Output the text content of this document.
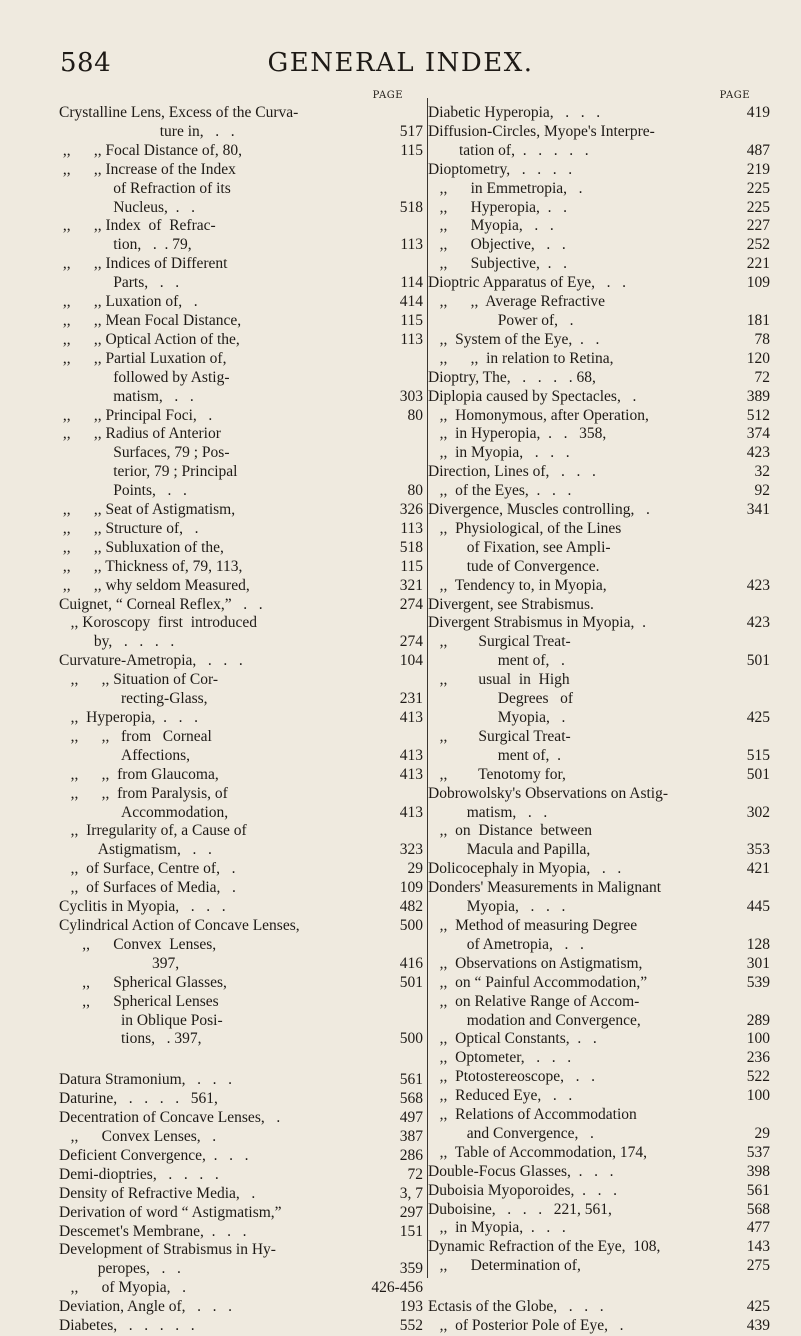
584	GENERAL INDEX.
PAGE
Crystalline Lens, Excess of the Curva-
ture in,   .   .	517
,,      ,, Focal Distance of, 80,	115
,,      ,, Increase of the Index
of Refraction of its
Nucleus,  .   .	518
,,      ,, Index  of  Refrac-
tion,   .  . 79,	113
,,      ,, Indices of Different
Parts,   .   .	114
,,      ,, Luxation of,   .	414
,,      ,, Mean Focal Distance,	115
,,      ,, Optical Action of the,	113
,,      ,, Partial Luxation of,
followed by Astig-
matism,   .   .	303
,,      ,, Principal Foci,   .	80
,,      ,, Radius of Anterior
Surfaces, 79 ; Pos-
terior, 79 ; Principal
Points,   .   .	80
,,      ,, Seat of Astigmatism,	326
,,      ,, Structure of,   .	113
,,      ,, Subluxation of the,	518
,,      ,, Thickness of, 79, 113,	115
,,      ,, why seldom Measured,	321
Cuignet, “ Corneal Reflex,”   .   .	274
,, Koroscopy  first  introduced
by,   .   .   .   .	274
Curvature-Ametropia,   .   .   .	104
,,      ,, Situation of Cor-
recting-Glass,	231
,,  Hyperopia,  .   .   .	413
,,      ,,   from   Corneal
Affections,	413
,,      ,,  from Glaucoma,	413
,,      ,,  from Paralysis, of
Accommodation,	413
,,  Irregularity of, a Cause of
Astigmatism,   .   .	323
,,  of Surface, Centre of,   .	29
,,  of Surfaces of Media,   .	109
Cyclitis in Myopia,   .   .   .	482
Cylindrical Action of Concave Lenses,	500
,,      Convex  Lenses,
397,	416
,,      Spherical Glasses,	501
,,      Spherical Lenses
in Oblique Posi-
tions,   . 397,	500
Datura Stramonium,   .   .   .	561
Daturine,   .   .   .   .   561,	568
Decentration of Concave Lenses,   .	497
,,      Convex Lenses,   .	387
Deficient Convergence,  .   .   .	286
Demi-dioptries,   .   .   .   .	72
Density of Refractive Media,   .	3, 7
Derivation of word “ Astigmatism,”	297
Descemet's Membrane,  .   .   .	151
Development of Strabismus in Hy-
peropes,   .   .	359
,,      of Myopia,   .	426-456
Deviation, Angle of,   .   .   .	193
Diabetes,   .   .   .   .   .	552
PAGE
Diabetic Hyperopia,   .   .   .	419
Diffusion-Circles, Myope's Interpre-
tation of,  .   .   .   .   .	487
Dioptometry,   .   .   .   .	219
,,      in Emmetropia,   .	225
,,      Hyperopia,  .   .	225
,,      Myopia,   .   .	227
,,      Objective,   .   .	252
,,      Subjective,  .   .	221
Dioptric Apparatus of Eye,   .   .	109
,,      ,,  Average Refractive
Power of,   .	181
,,  System of the Eye,  .   .	78
,,      ,,  in relation to Retina,	120
Dioptry, The,   .   .   .   . 68,	72
Diplopia caused by Spectacles,   .	389
,,  Homonymous, after Operation,	512
,,  in Hyperopia,  .   .   358,	374
,,  in Myopia,   .   .   .	423
Direction, Lines of,   .   .   .	32
,,  of the Eyes,  .   .   .	92
Divergence, Muscles controlling,   .	341
,,  Physiological, of the Lines
of Fixation, see Ampli-
tude of Convergence.
,,  Tendency to, in Myopia,	423
Divergent, see Strabismus.
Divergent Strabismus in Myopia,  .	423
,,        Surgical Treat-
ment of,   .	501
,,        usual  in  High
Degrees   of
Myopia,   .	425
,,        Surgical Treat-
ment of,  .	515
,,        Tenotomy for,	501
Dobrowolsky's Observations on Astig-
matism,   .   .	302
,,  on  Distance  between
Macula and Papilla,	353
Dolicocephaly in Myopia,   .   .	421
Donders' Measurements in Malignant
Myopia,   .   .   .	445
,,  Method of measuring Degree
of Ametropia,   .   .	128
,,  Observations on Astigmatism,	301
,,  on “ Painful Accommodation,”	539
,,  on Relative Range of Accom-
modation and Convergence,	289
,,  Optical Constants,  .   .	100
,,  Optometer,   .   .   .	236
,,  Ptotostereoscope,   .   .	522
,,  Reduced Eye,   .   .	100
,,  Relations of Accommodation
and Convergence,   .	29
,,  Table of Accommodation, 174,	537
Double-Focus Glasses,  .   .   .	398
Duboisia Myoporoides,  .   .   .	561
Duboisine,   .   .   .   221, 561,	568
,,  in Myopia,  .   .   .	477
Dynamic Refraction of the Eye,  108,	143
,,      Determination of,	275
Ectasis of the Globe,   .   .   .	425
,,  of Posterior Pole of Eye,   .	439
